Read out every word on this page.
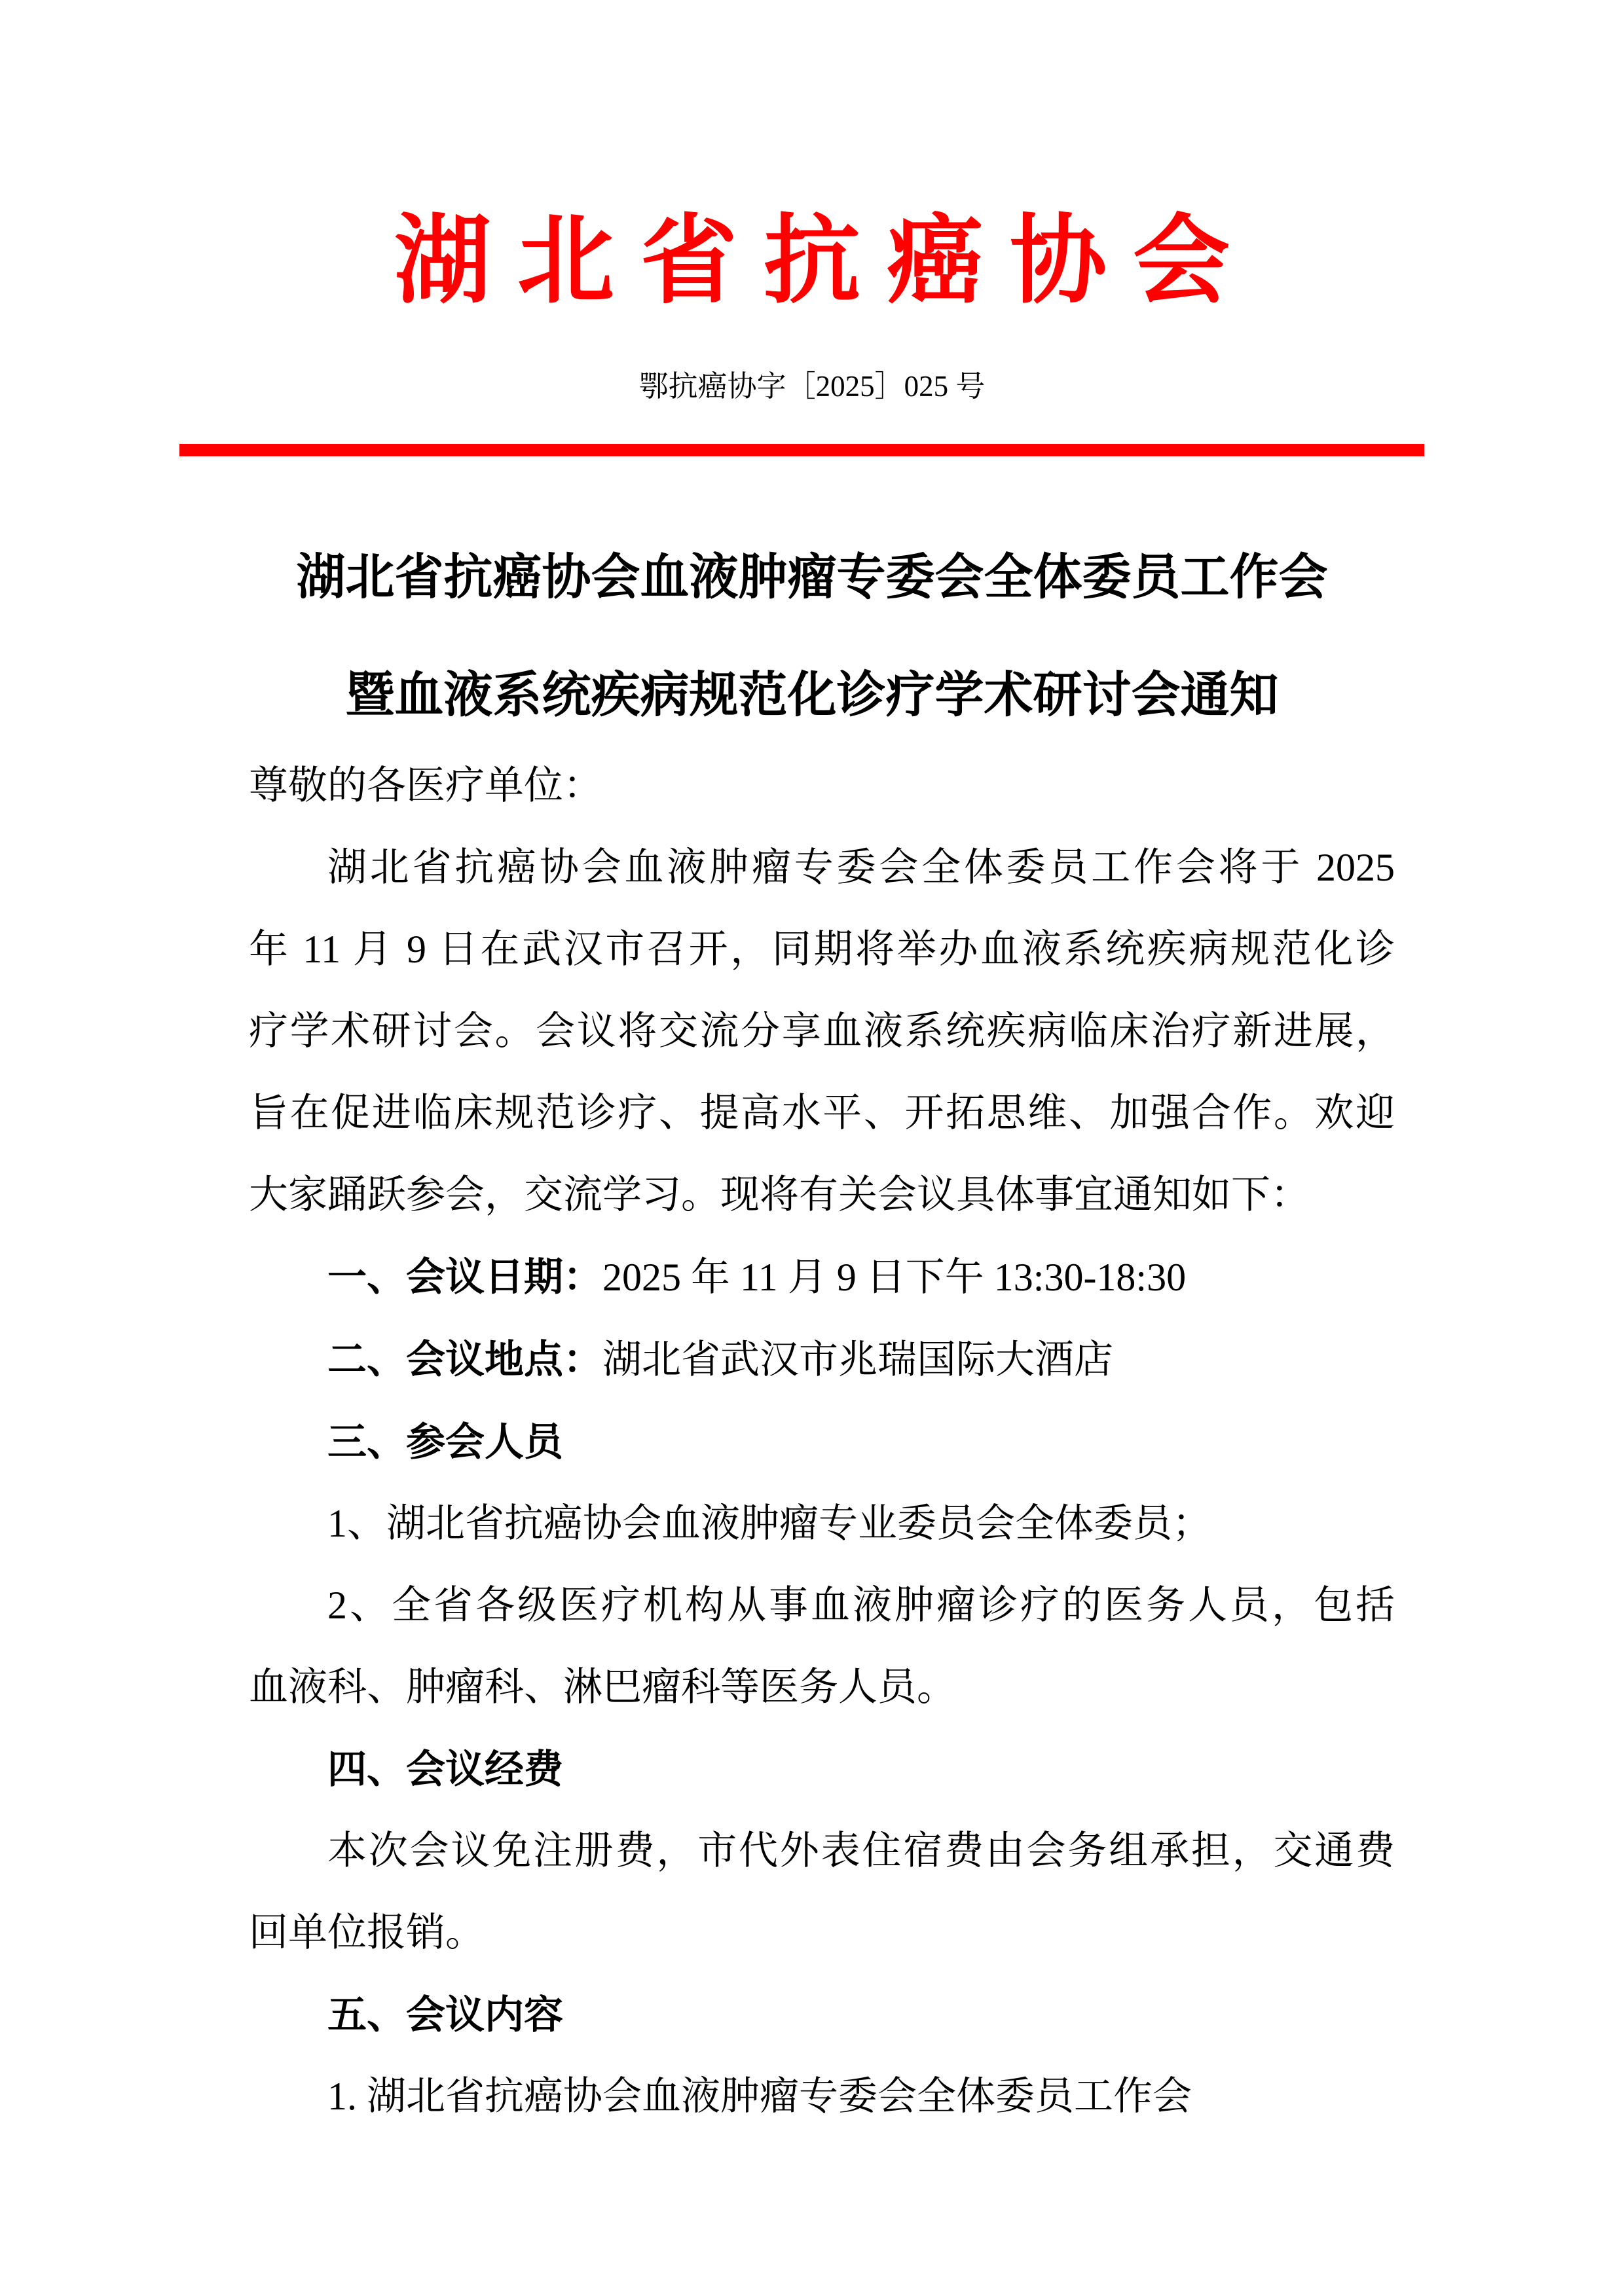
湖北省抗癌协会
鄂抗癌协字［2025］025 号
湖北省抗癌协会血液肿瘤专委会全体委员工作会
暨血液系统疾病规范化诊疗学术研讨会通知
尊敬的各医疗单位：
湖北省抗癌协会血液肿瘤专委会全体委员工作会将于 2025
年 11 月 9 日在武汉市召开，同期将举办血液系统疾病规范化诊
疗学术研讨会。会议将交流分享血液系统疾病临床治疗新进展，
旨在促进临床规范诊疗、提高水平、开拓思维、加强合作。欢迎
大家踊跃参会，交流学习。现将有关会议具体事宜通知如下：
一、会议日期：2025 年 11 月 9 日下午 13:30-18:30
二、会议地点：湖北省武汉市兆瑞国际大酒店
三、参会人员
1、湖北省抗癌协会血液肿瘤专业委员会全体委员；
2、全省各级医疗机构从事血液肿瘤诊疗的医务人员，包括
血液科、肿瘤科、淋巴瘤科等医务人员。
四、会议经费
本次会议免注册费，市代外表住宿费由会务组承担，交通费
回单位报销。
五、会议内容
1. 湖北省抗癌协会血液肿瘤专委会全体委员工作会
